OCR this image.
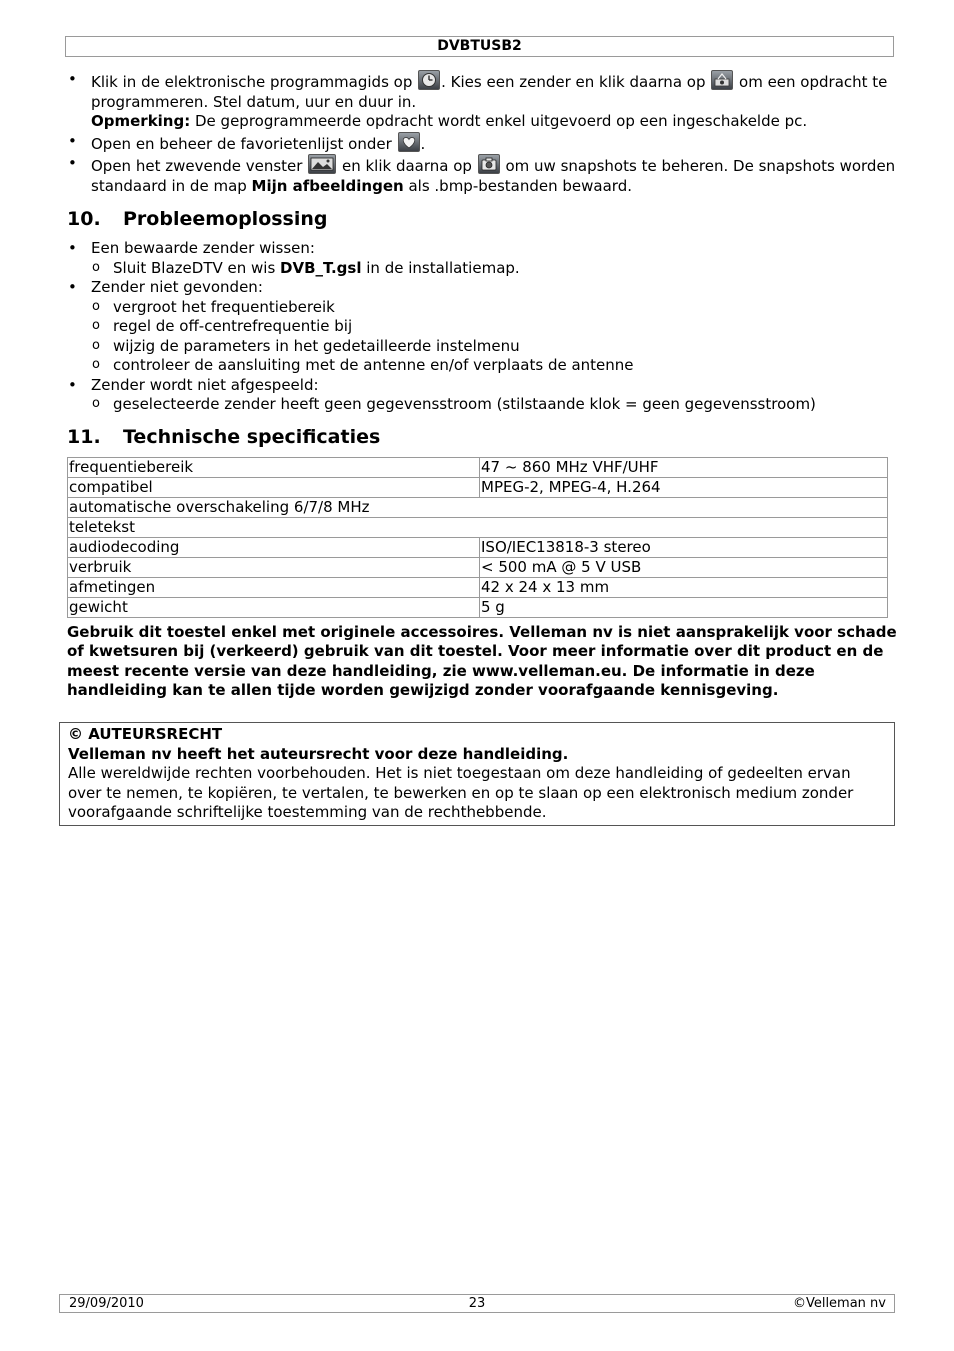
DVBTUSB2
• Klik in de elektronische programmagids op
. Kies een zender en klik daarna op
om een opdracht te programmeren. Stel datum, uur en duur in.
Opmerking: De geprogrammeerde opdracht wordt enkel uitgevoerd op een ingeschakelde pc.
• Open en beheer de favorietenlijst onder
.
• Open het zwevende venster
en klik daarna op
om uw snapshots te beheren. De snapshots worden standaard in de map Mijn afbeeldingen als .bmp-bestanden bewaard.
10. Probleemoplossing
• Een bewaarde zender wissen:
o Sluit BlazeDTV en wis DVB_T.gsl in de installatiemap.
• Zender niet gevonden:
o vergroot het frequentiebereik
o regel de off-centrefrequentie bij
o wijzig de parameters in het gedetailleerde instelmenu
o controleer de aansluiting met de antenne en/of verplaats de antenne
• Zender wordt niet afgespeeld:
o geselecteerde zender heeft geen gegevensstroom (stilstaande klok = geen gegevensstroom)
11. Technische specificaties
frequentiebereik	47 ~ 860 MHz VHF/UHF
compatibel	MPEG-2, MPEG-4, H.264
automatische overschakeling 6/7/8 MHz	
teletekst	
audiodecoding	ISO/IEC13818-3 stereo
verbruik	< 500 mA @ 5 V USB
afmetingen	42 x 24 x 13 mm
gewicht	5 g
Gebruik dit toestel enkel met originele accessoires. Velleman nv is niet aansprakelijk voor schade of kwetsuren bij (verkeerd) gebruik van dit toestel. Voor meer informatie over dit product en de meest recente versie van deze handleiding, zie www.velleman.eu. De informatie in deze handleiding kan te allen tijde worden gewijzigd zonder voorafgaande kennisgeving.
© AUTEURSRECHT
Velleman nv heeft het auteursrecht voor deze handleiding.
Alle wereldwijde rechten voorbehouden. Het is niet toegestaan om deze handleiding of gedeelten ervan over te nemen, te kopiëren, te vertalen, te bewerken en op te slaan op een elektronisch medium zonder voorafgaande schriftelijke toestemming van de rechthebbende.
29/09/2010	23	©Velleman nv
